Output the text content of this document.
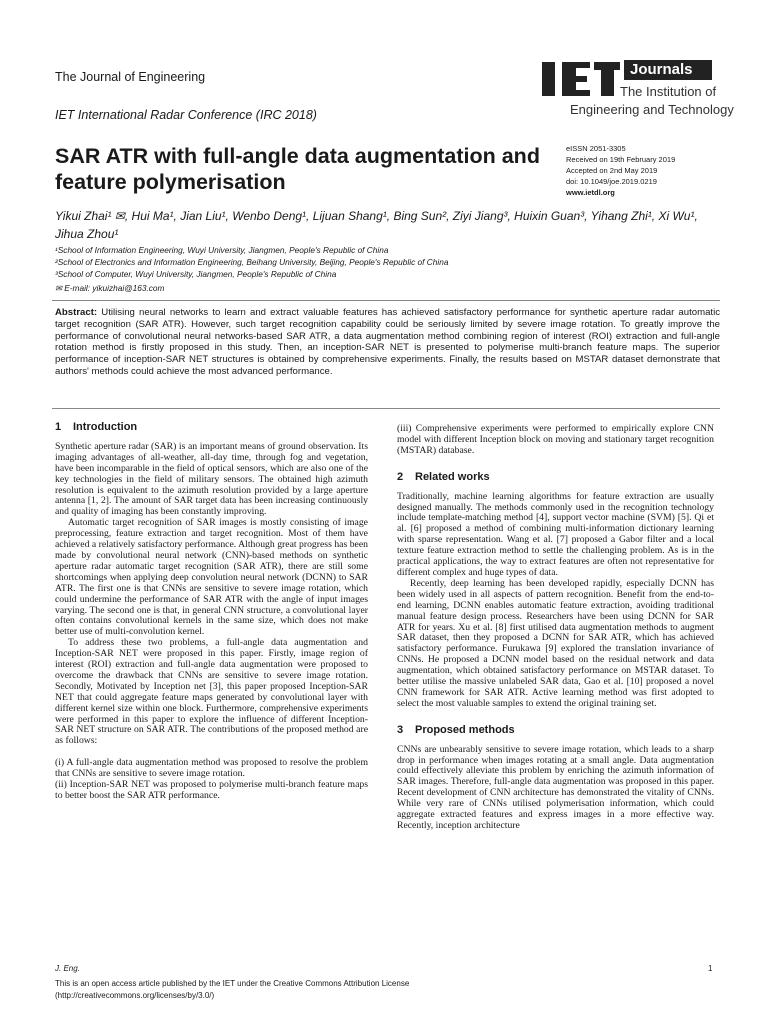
The Journal of Engineering
IET International Radar Conference (IRC 2018)
Journals
The Institution of
Engineering and Technology
SAR ATR with full-angle data augmentation and feature polymerisation
eISSN 2051-3305
Received on 19th February 2019
Accepted on 2nd May 2019
doi: 10.1049/joe.2019.0219
www.ietdl.org
Yikui Zhai¹ ✉, Hui Ma¹, Jian Liu¹, Wenbo Deng¹, Lijuan Shang¹, Bing Sun², Ziyi Jiang³, Huixin Guan³, Yihang Zhi¹, Xi Wu¹, Jihua Zhou¹
¹School of Information Engineering, Wuyi University, Jiangmen, People's Republic of China
²School of Electronics and Information Engineering, Beihang University, Beijing, People's Republic of China
³School of Computer, Wuyi University, Jiangmen, People's Republic of China
✉ E-mail: yikuizhai@163.com
Abstract: Utilising neural networks to learn and extract valuable features has achieved satisfactory performance for synthetic aperture radar automatic target recognition (SAR ATR). However, such target recognition capability could be seriously limited by severe image rotation. To greatly improve the performance of convolutional neural networks-based SAR ATR, a data augmentation method combining region of interest (ROI) extraction and full-angle rotation method is firstly proposed in this study. Then, an inception-SAR NET is presented to polymerise multi-branch feature maps. The superior performance of inception-SAR NET structures is obtained by comprehensive experiments. Finally, the results based on MSTAR dataset demonstrate that authors' methods could achieve the most advanced performance.
1 Introduction

Synthetic aperture radar (SAR) is an important means of ground observation. Its imaging advantages of all-weather, all-day time, through fog and vegetation, have been incomparable in the field of optical sensors, which are also one of the key technologies in the field of military sensors. The obtained high azimuth resolution is equivalent to the azimuth resolution provided by a large aperture antenna [1, 2]. The amount of SAR target data has been increasing continuously and quality of imaging has been constantly improving.

Automatic target recognition of SAR images is mostly consisting of image preprocessing, feature extraction and target recognition. Most of them have achieved a relatively satisfactory performance. Although great progress has been made by convolutional neural network (CNN)-based methods on synthetic aperture radar automatic target recognition (SAR ATR), there are still some shortcomings when applying deep convolution neural network (DCNN) to SAR ATR. The first one is that CNNs are sensitive to severe image rotation, which could undermine the performance of SAR ATR with the angle of input images varying. The second one is that, in general CNN structure, a convolutional layer often contains convolutional kernels in the same size, which does not make better use of multi-convolution kernel.

To address these two problems, a full-angle data augmentation and Inception-SAR NET were proposed in this paper. Firstly, image region of interest (ROI) extraction and full-angle data augmentation were proposed to overcome the drawback that CNNs are sensitive to severe image rotation. Secondly, Motivated by Inception net [3], this paper proposed Inception-SAR NET that could aggregate feature maps generated by convolutional layer with different kernel size within one block. Furthermore, comprehensive experiments were performed in this paper to explore the influence of different Inception-SAR NET structure on SAR ATR. The contributions of the proposed method are as follows:

(i) A full-angle data augmentation method was proposed to resolve the problem that CNNs are sensitive to severe image rotation.

(ii) Inception-SAR NET was proposed to polymerise multi-branch feature maps to better boost the SAR ATR performance.

(iii) Comprehensive experiments were performed to empirically explore CNN model with different Inception block on moving and stationary target recognition (MSTAR) database.

2 Related works

Traditionally, machine learning algorithms for feature extraction are usually designed manually. The methods commonly used in the recognition technology include template-matching method [4], support vector machine (SVM) [5]. Qi et al. [6] proposed a method of combining multi-information dictionary learning with sparse representation. Wang et al. [7] proposed a Gabor filter and a local texture feature extraction method to settle the challenging problem. As is in the practical applications, the way to extract features are often not representative for different complex and huge types of data.

Recently, deep learning has been developed rapidly, especially DCNN has been widely used in all aspects of pattern recognition. Benefit from the end-to-end learning, DCNN enables automatic feature extraction, avoiding traditional manual feature design process. Researchers have been using DCNN for SAR ATR for years. Xu et al. [8] first utilised data augmentation methods to augment SAR dataset, then they proposed a DCNN for SAR ATR, which has achieved satisfactory performance. Furukawa [9] explored the translation invariance of CNNs. He proposed a DCNN model based on the residual network and data augmentation, which obtained satisfactory performance on MSTAR dataset. To better utilise the massive unlabeled SAR data, Gao et al. [10] proposed a novel CNN framework for SAR ATR. Active learning method was first adopted to select the most valuable samples to extend the original training set.

3 Proposed methods

CNNs are unbearably sensitive to severe image rotation, which leads to a sharp drop in performance when images rotating at a small angle. Data augmentation could effectively alleviate this problem by enriching the azimuth information of SAR images. Therefore, full-angle data augmentation was proposed in this paper. Recent development of CNN architecture has demonstrated the vitality of CNNs. While very rare of CNNs utilised polymerisation information, which could aggregate extracted features and express images in a more effective way. Recently, inception architecture

J. Eng.	1
This is an open access article published by the IET under the Creative Commons Attribution License
(http://creativecommons.org/licenses/by/3.0/)
